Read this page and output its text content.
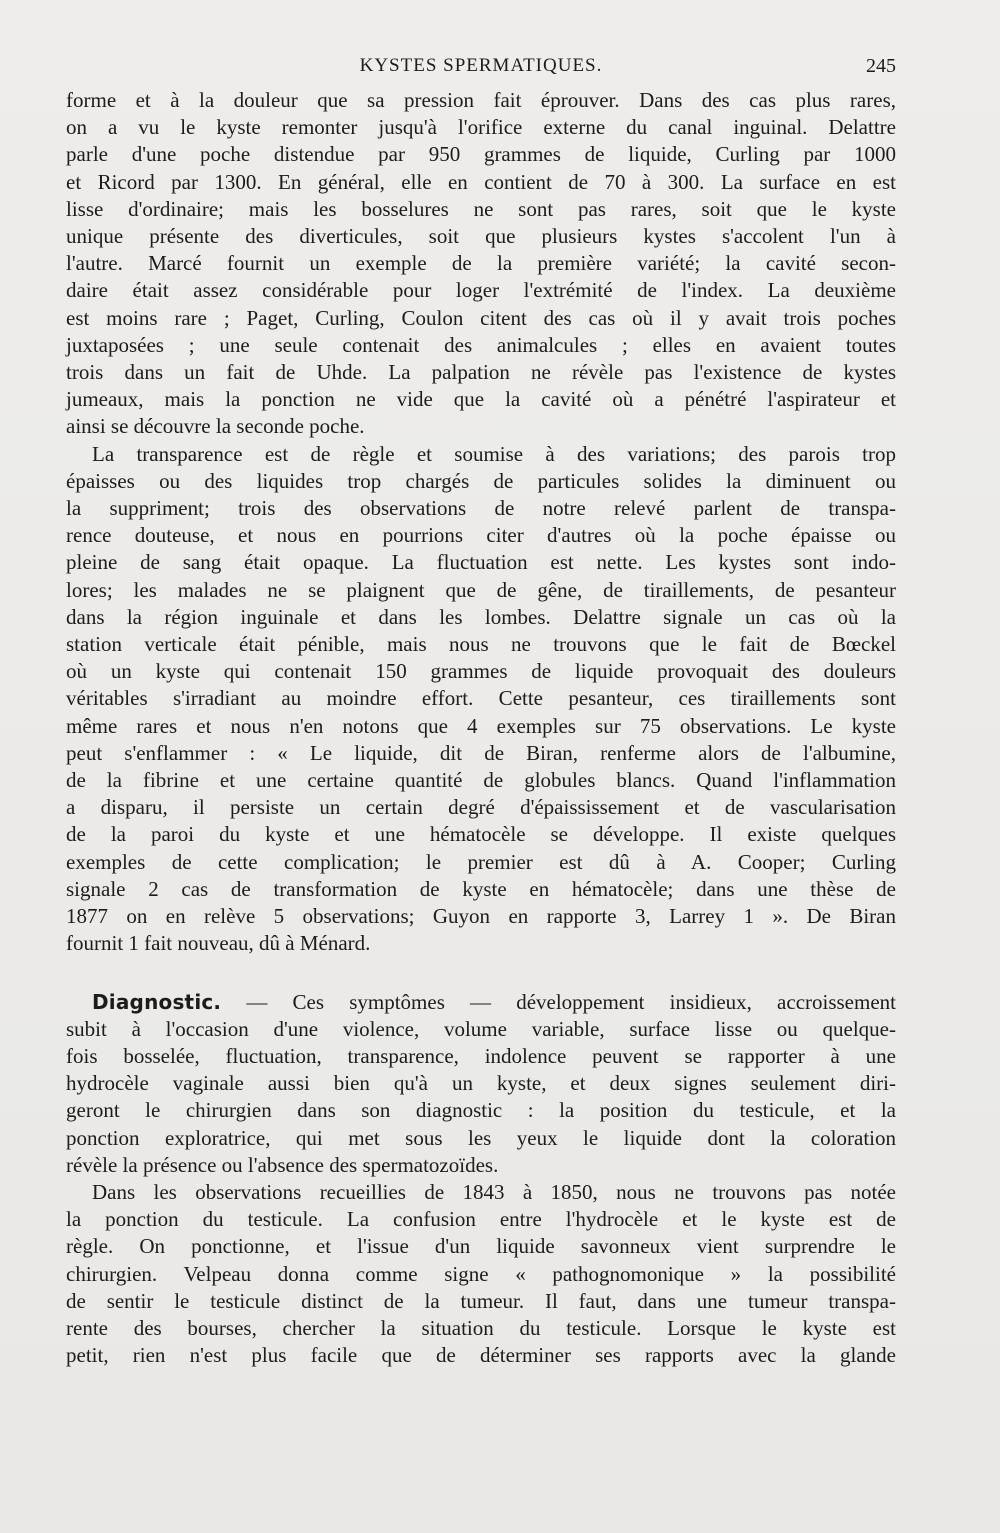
KYSTES SPERMATIQUES.	245

forme et à la douleur que sa pression fait éprouver. Dans des cas plus rares,
on a vu le kyste remonter jusqu'à l'orifice externe du canal inguinal. Delattre
parle d'une poche distendue par 950 grammes de liquide, Curling par 1000
et Ricord par 1300. En général, elle en contient de 70 à 300. La surface en est
lisse d'ordinaire; mais les bosselures ne sont pas rares, soit que le kyste
unique présente des diverticules, soit que plusieurs kystes s'accolent l'un à
l'autre. Marcé fournit un exemple de la première variété; la cavité secon-
daire était assez considérable pour loger l'extrémité de l'index. La deuxième
est moins rare ; Paget, Curling, Coulon citent des cas où il y avait trois poches
juxtaposées ; une seule contenait des animalcules ; elles en avaient toutes
trois dans un fait de Uhde. La palpation ne révèle pas l'existence de kystes
jumeaux, mais la ponction ne vide que la cavité où a pénétré l'aspirateur et
ainsi se découvre la seconde poche.

La transparence est de règle et soumise à des variations; des parois trop
épaisses ou des liquides trop chargés de particules solides la diminuent ou
la suppriment; trois des observations de notre relevé parlent de transpa-
rence douteuse, et nous en pourrions citer d'autres où la poche épaisse ou
pleine de sang était opaque. La fluctuation est nette. Les kystes sont indo-
lores; les malades ne se plaignent que de gêne, de tiraillements, de pesanteur
dans la région inguinale et dans les lombes. Delattre signale un cas où la
station verticale était pénible, mais nous ne trouvons que le fait de Bœckel
où un kyste qui contenait 150 grammes de liquide provoquait des douleurs
véritables s'irradiant au moindre effort. Cette pesanteur, ces tiraillements sont
même rares et nous n'en notons que 4 exemples sur 75 observations. Le kyste
peut s'enflammer : « Le liquide, dit de Biran, renferme alors de l'albumine,
de la fibrine et une certaine quantité de globules blancs. Quand l'inflammation
a disparu, il persiste un certain degré d'épaississement et de vascularisation
de la paroi du kyste et une hématocèle se développe. Il existe quelques
exemples de cette complication; le premier est dû à A. Cooper; Curling
signale 2 cas de transformation de kyste en hématocèle; dans une thèse de
1877 on en relève 5 observations; Guyon en rapporte 3, Larrey 1 ». De Biran
fournit 1 fait nouveau, dû à Ménard.

Diagnostic. — Ces symptômes — développement insidieux, accroissement
subit à l'occasion d'une violence, volume variable, surface lisse ou quelque-
fois bosselée, fluctuation, transparence, indolence peuvent se rapporter à une
hydrocèle vaginale aussi bien qu'à un kyste, et deux signes seulement diri-
geront le chirurgien dans son diagnostic : la position du testicule, et la
ponction exploratrice, qui met sous les yeux le liquide dont la coloration
révèle la présence ou l'absence des spermatozoïdes.

Dans les observations recueillies de 1843 à 1850, nous ne trouvons pas notée
la ponction du testicule. La confusion entre l'hydrocèle et le kyste est de
règle. On ponctionne, et l'issue d'un liquide savonneux vient surprendre le
chirurgien. Velpeau donna comme signe « pathognomonique » la possibilité
de sentir le testicule distinct de la tumeur. Il faut, dans une tumeur transpa-
rente des bourses, chercher la situation du testicule. Lorsque le kyste est
petit, rien n'est plus facile que de déterminer ses rapports avec la glande
